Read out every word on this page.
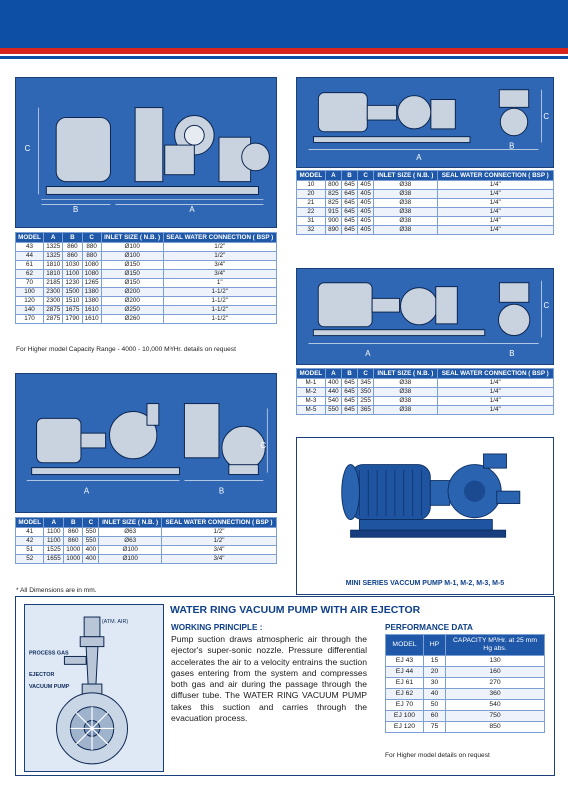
B	A
C
MODEL	A	B	C	INLET SIZE ( N.B. )	SEAL WATER CONNECTION ( BSP )
43	1325	860	880	Ø100	1/2"
44	1325	860	880	Ø100	1/2"
61	1810	1030	1080	Ø150	3/4"
62	1810	1100	1080	Ø150	3/4"
70	2185	1230	1265	Ø150	1"
100	2300	1500	1380	Ø200	1-1/2"
120	2300	1510	1380	Ø200	1-1/2"
140	2875	1675	1610	Ø250	1-1/2"
170	2875	1790	1610	Ø260	1-1/2"
For Higher model Capacity Range - 4000 - 10,000 M³/Hr. details on request
A
B
C
MODEL	A	B	C	INLET SIZE ( N.B. )	SEAL WATER CONNECTION ( BSP )
10	800	645	405	Ø38	1/4"
20	825	645	405	Ø38	1/4"
21	825	645	405	Ø38	1/4"
22	915	645	405	Ø38	1/4"
31	900	645	405	Ø38	1/4"
32	890	645	405	Ø38	1/4"
A	B
C
MODEL	A	B	C	INLET SIZE ( N.B. )	SEAL WATER CONNECTION ( BSP )
M-1	400	645	345	Ø38	1/4"
M-2	440	645	350	Ø38	1/4"
M-3	540	645	255	Ø38	1/4"
M-5	550	645	365	Ø38	1/4"
A	B
C
MODEL	A	B	C	INLET SIZE ( N.B. )	SEAL WATER CONNECTION ( BSP )
41	1100	860	550	Ø63	1/2"
42	1100	860	550	Ø63	1/2"
51	1525	1000	400	Ø100	3/4"
52	1655	1000	400	Ø100	3/4"
* All Dimensions are in mm.
MINI SERIES VACCUM PUMP M-1, M-2, M-3, M-5
(ATM. AIR)
PROCESS GAS
EJECTOR
VACUUM PUMP
WATER RING VACUUM PUMP WITH AIR EJECTOR
WORKING PRINCIPLE :
Pump suction draws atmospheric air through the ejector's super-sonic nozzle. Pressure differential accelerates the air to a velocity entrains the suction gases entering from the system and compresses both gas and air during the passage through the diffuser tube. The WATER RING VACUUM PUMP takes this suction and carries through the evacuation process.
PERFORMANCE DATA
MODEL	HP	CAPACITY M³/Hr. at 25 mm Hg abs.
EJ 43	15	130
EJ 44	20	160
EJ 61	30	270
EJ 62	40	360
EJ 70	50	540
EJ 100	60	750
EJ 120	75	850
For Higher model details on request
